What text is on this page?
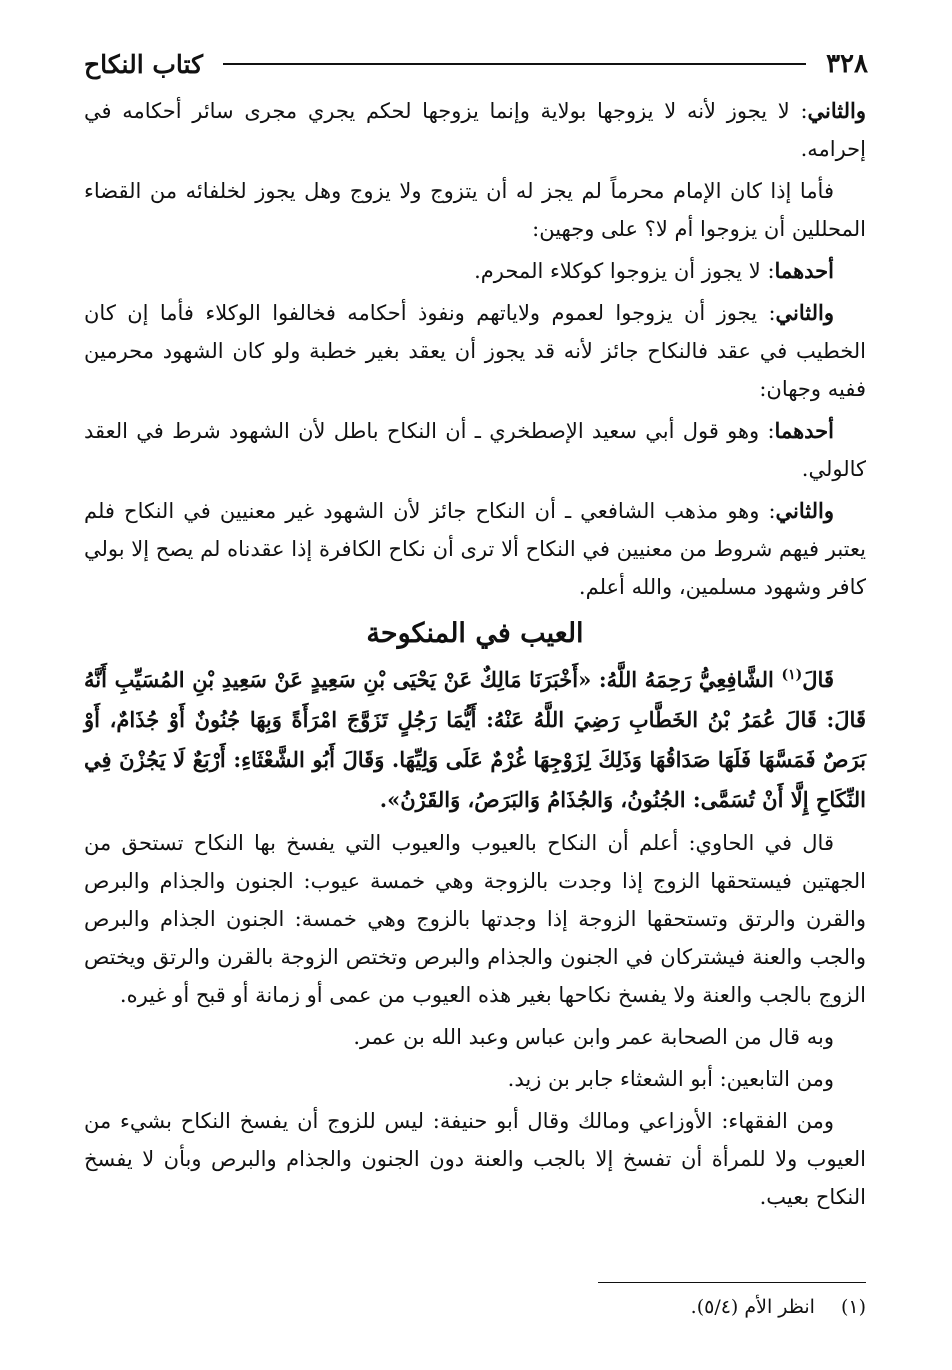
٣٢٨
كتاب النكاح

والثاني: لا يجوز لأنه لا يزوجها بولاية وإنما يزوجها لحكم يجري مجرى سائر أحكامه في إحرامه.

فأما إذا كان الإمام محرماً لم يجز له أن يتزوج ولا يزوج وهل يجوز لخلفائه من القضاء المحللين أن يزوجوا أم لا؟ على وجهين:

أحدهما: لا يجوز أن يزوجوا كوكلاء المحرم.

والثاني: يجوز أن يزوجوا لعموم ولاياتهم ونفوذ أحكامه فخالفوا الوكلاء فأما إن كان الخطيب في عقد فالنكاح جائز لأنه قد يجوز أن يعقد بغير خطبة ولو كان الشهود محرمين ففيه وجهان:

أحدهما: وهو قول أبي سعيد الإصطخري ـ أن النكاح باطل لأن الشهود شرط في العقد كالولي.

والثاني: وهو مذهب الشافعي ـ أن النكاح جائز لأن الشهود غير معنيين في النكاح فلم يعتبر فيهم شروط من معنيين في النكاح ألا ترى أن نكاح الكافرة إذا عقدناه لم يصح إلا بولي كافر وشهود مسلمين، والله أعلم.

العيب في المنكوحة

قَالَ$^{(١)}$ الشَّافِعِيُّ رَحِمَهُ اللَّهُ: «أَخْبَرَنَا مَالِكٌ عَنْ يَحْيَى بْنِ سَعِيدٍ عَنْ سَعِيدِ بْنِ المُسَيِّبِ أَنَّهُ قَالَ: قَالَ عُمَرُ بْنُ الخَطَّابِ رَضِيَ اللَّهُ عَنْهُ: أَيُّمَا رَجُلٍ تَزَوَّجَ امْرَأَةً وَبِهَا جُنُونٌ أَوْ جُذَامٌ، أَوْ بَرَصٌ فَمَسَّهَا فَلَهَا صَدَاقُهَا وَذَلِكَ لِزَوْجِهَا غُرْمٌ عَلَى وَلِيِّهَا. وَقَالَ أَبُو الشَّعْثَاءِ: أَرْبَعٌ لَا يَجُزْنَ فِي النِّكَاحِ إِلَّا أَنْ تُسَمَّى: الجُنُونُ، وَالجُذَامُ وَالبَرَصُ، وَالقَرْنُ».

قال في الحاوي: أعلم أن النكاح بالعيوب والعيوب التي يفسخ بها النكاح تستحق من الجهتين فيستحقها الزوج إذا وجدت بالزوجة وهي خمسة عيوب: الجنون والجذام والبرص والقرن والرتق وتستحقها الزوجة إذا وجدتها بالزوج وهي خمسة: الجنون الجذام والبرص والجب والعنة فيشتركان في الجنون والجذام والبرص وتختص الزوجة بالقرن والرتق ويختص الزوج بالجب والعنة ولا يفسخ نكاحها بغير هذه العيوب من عمى أو زمانة أو قبح أو غيره.

وبه قال من الصحابة عمر وابن عباس وعبد الله بن عمر.

ومن التابعين: أبو الشعثاء جابر بن زيد.

ومن الفقهاء: الأوزاعي ومالك وقال أبو حنيفة: ليس للزوج أن يفسخ النكاح بشيء من العيوب ولا للمرأة أن تفسخ إلا بالجب والعنة دون الجنون والجذام والبرص وبأن لا يفسخ النكاح بعيب.

(١)انظر الأم (٥/٤).
